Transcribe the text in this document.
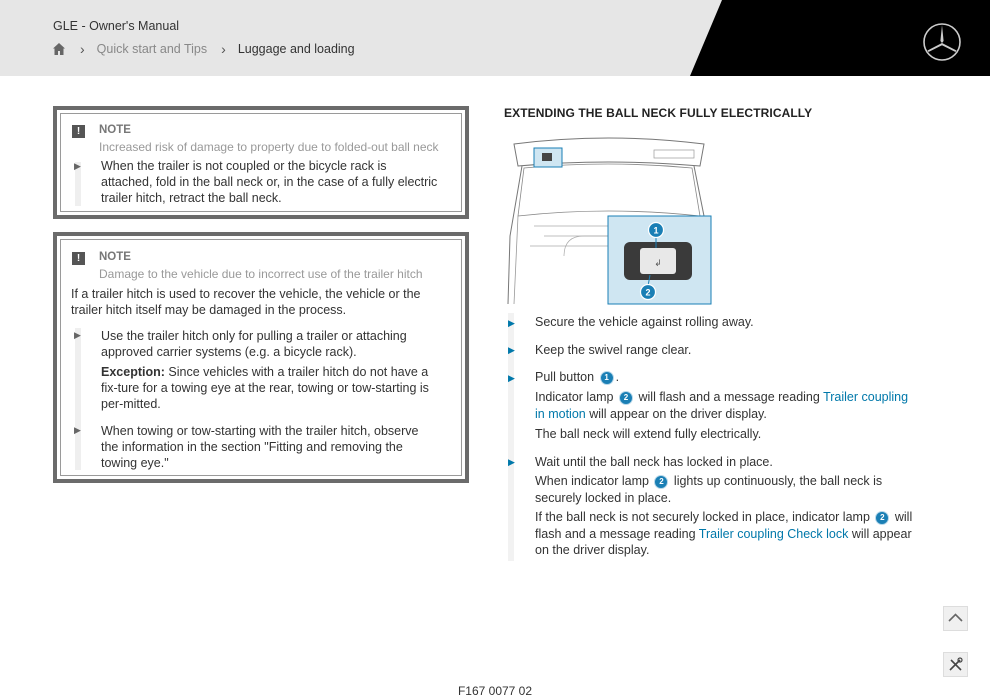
GLE - Owner's Manual
› Quick start and Tips › Luggage and loading
!	NOTE
Increased risk of damage to property due to folded-out ball neck
▶ When the trailer is not coupled or the bicycle rack is attached, fold in the ball neck or, in the case of a fully electric trailer hitch, retract the ball neck.
!	NOTE
Damage to the vehicle due to incorrect use of the trailer hitch
If a trailer hitch is used to recover the vehicle, the vehicle or the trailer hitch itself may be damaged in the process.
▶ Use the trailer hitch only for pulling a trailer or attaching approved carrier systems (e.g. a bicycle rack).
Exception: Since vehicles with a trailer hitch do not have a fix-ture for a towing eye at the rear, towing or tow-starting is per-mitted.
▶ When towing or tow-starting with the trailer hitch, observe the information in the section "Fitting and removing the towing eye."
EXTENDING THE BALL NECK FULLY ELECTRICALLY
↲
1
2
▶ Secure the vehicle against rolling away.
▶ Keep the swivel range clear.
▶ Pull button 1 .
Indicator lamp 2 will flash and a message reading Trailer coupling in motion will appear on the driver display.
The ball neck will extend fully electrically.
▶ Wait until the ball neck has locked in place.
When indicator lamp 2 lights up continuously, the ball neck is securely locked in place.
If the ball neck is not securely locked in place, indicator lamp 2 will flash and a message reading Trailer coupling Check lock will appear on the driver display.
F167 0077 02
